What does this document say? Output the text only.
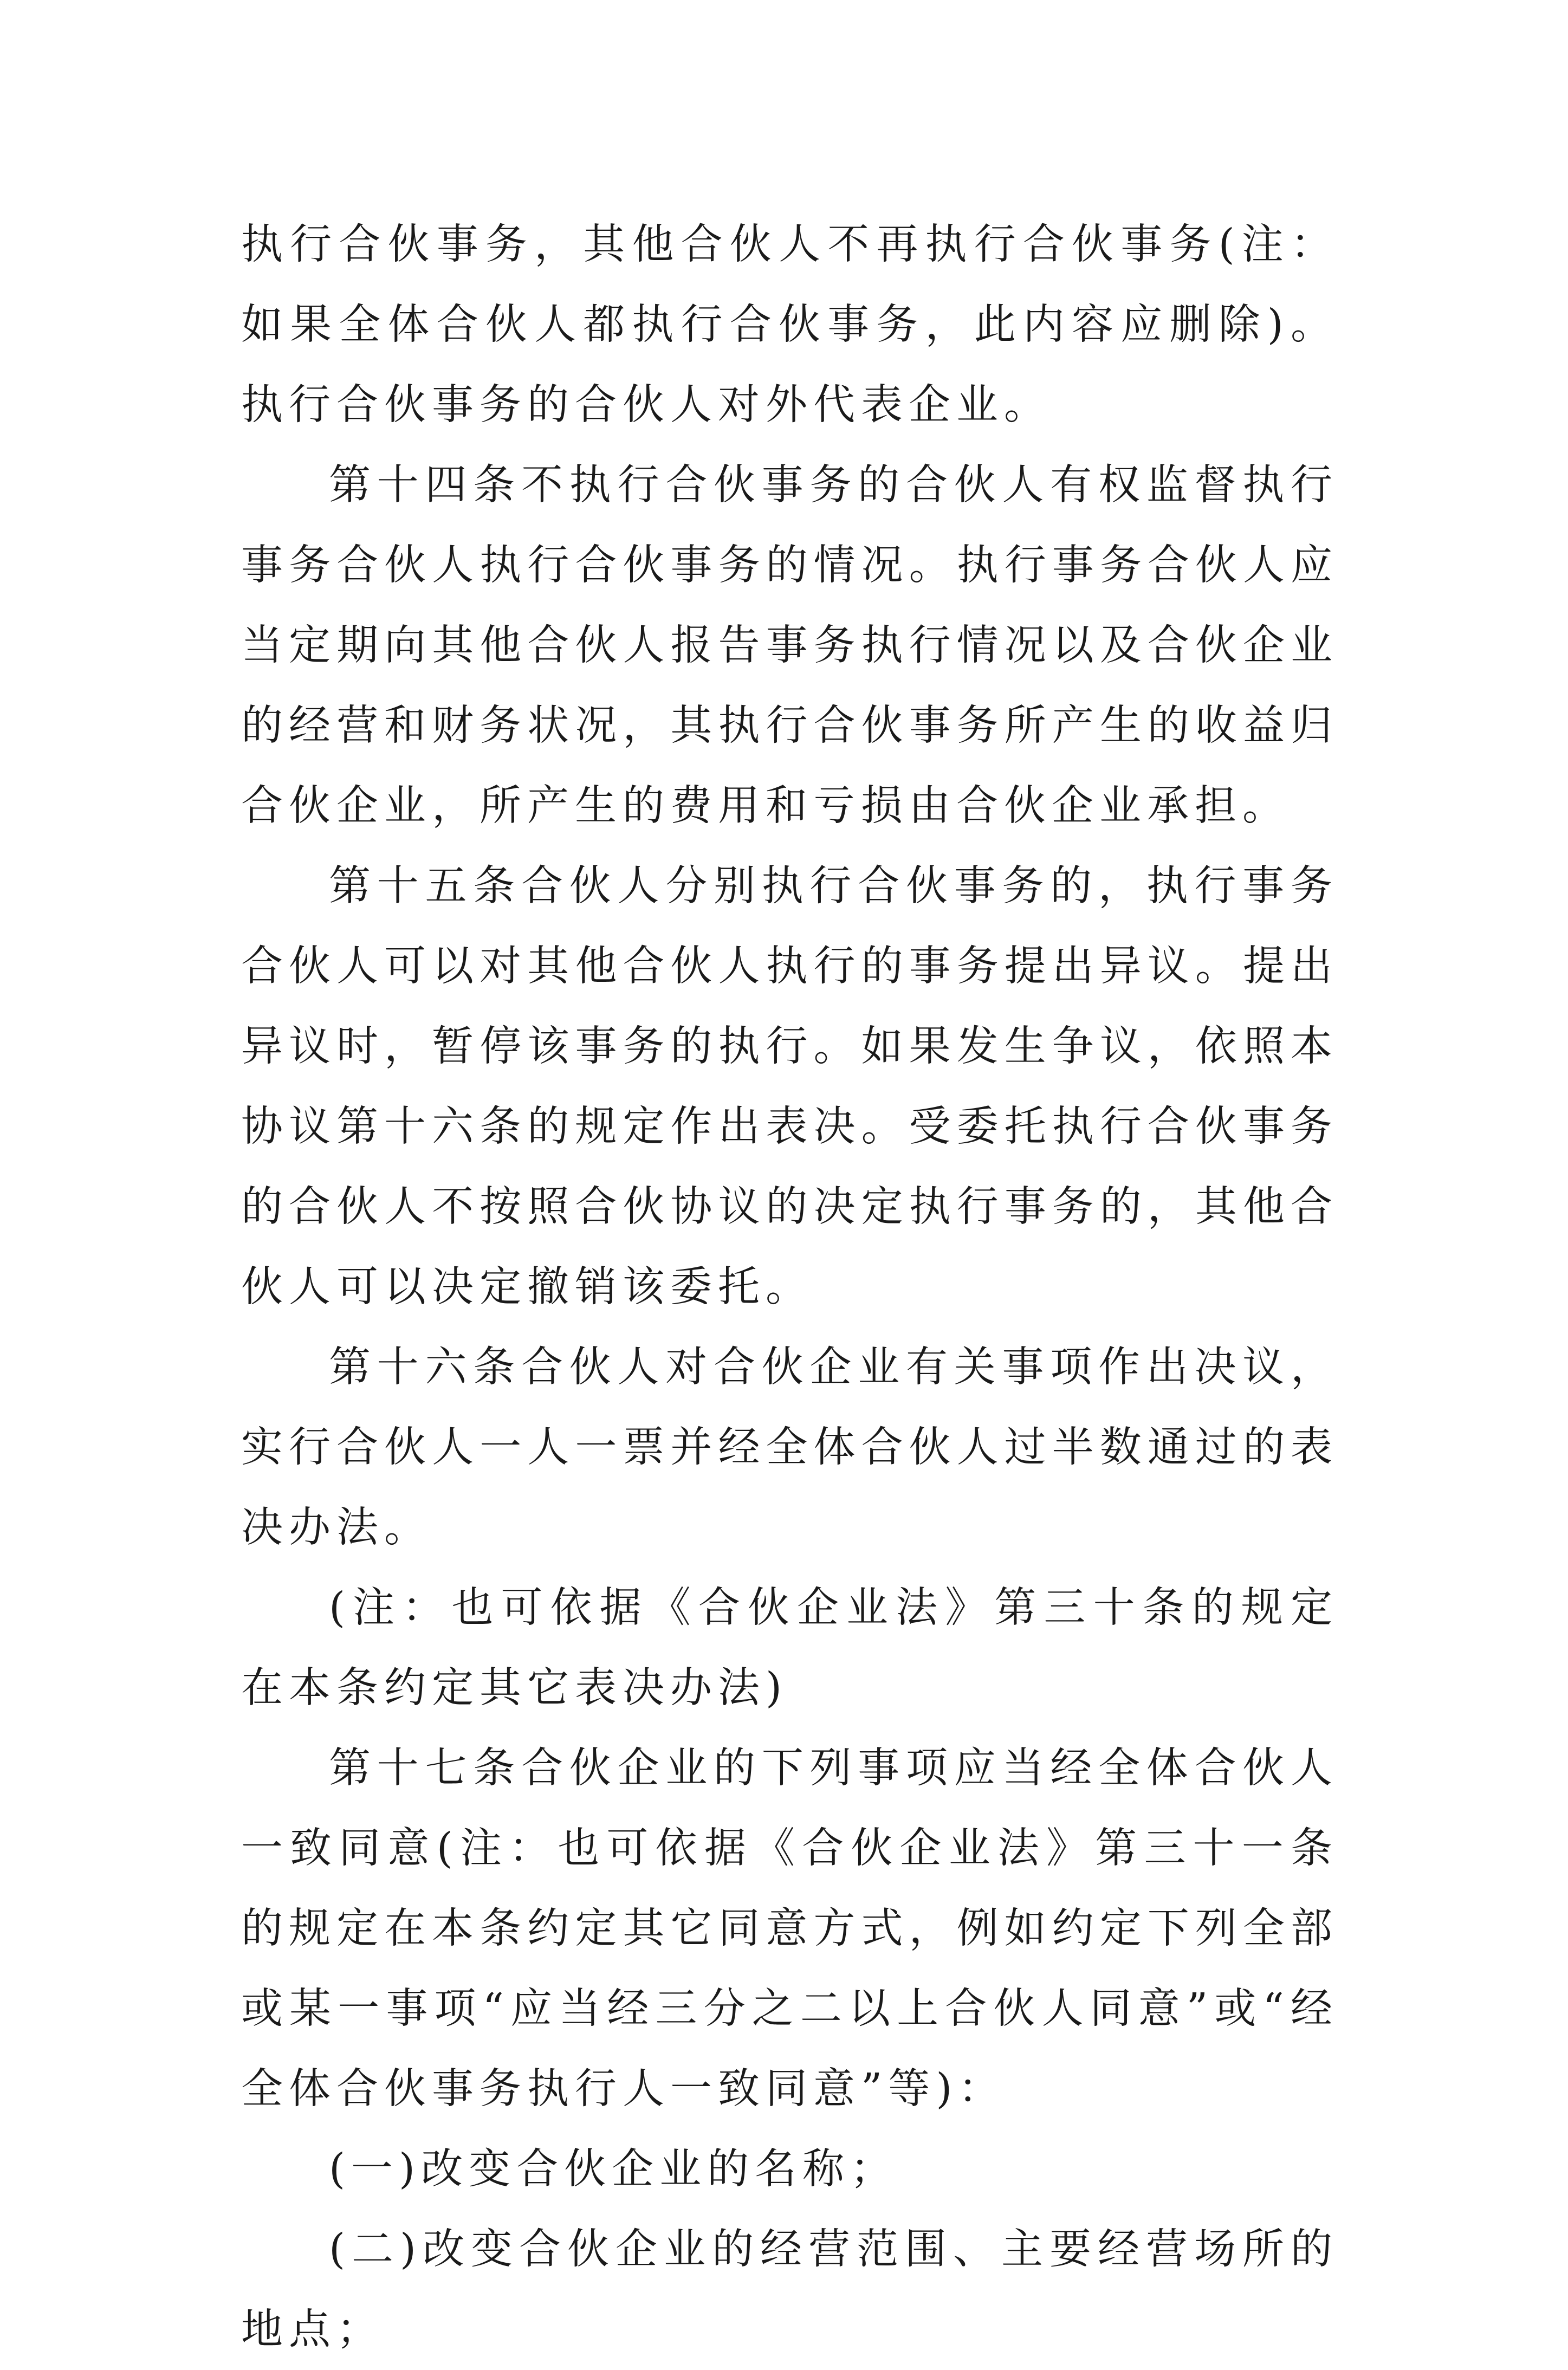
执行合伙事务，其他合伙人不再执行合伙事务(注：如果全体合伙人都执行合伙事务，此内容应删除)。执行合伙事务的合伙人对外代表企业。

第十四条不执行合伙事务的合伙人有权监督执行事务合伙人执行合伙事务的情况。执行事务合伙人应当定期向其他合伙人报告事务执行情况以及合伙企业的经营和财务状况，其执行合伙事务所产生的收益归合伙企业，所产生的费用和亏损由合伙企业承担。

第十五条合伙人分别执行合伙事务的，执行事务合伙人可以对其他合伙人执行的事务提出异议。提出异议时，暂停该事务的执行。如果发生争议，依照本协议第十六条的规定作出表决。受委托执行合伙事务的合伙人不按照合伙协议的决定执行事务的，其他合伙人可以决定撤销该委托。

第十六条合伙人对合伙企业有关事项作出决议，实行合伙人一人一票并经全体合伙人过半数通过的表决办法。

(注：也可依据《合伙企业法》第三十条的规定在本条约定其它表决办法)

第十七条合伙企业的下列事项应当经全体合伙人一致同意(注：也可依据《合伙企业法》第三十一条的规定在本条约定其它同意方式，例如约定下列全部或某一事项“应当经三分之二以上合伙人同意”或“经全体合伙事务执行人一致同意”等)：

(一)改变合伙企业的名称；

(二)改变合伙企业的经营范围、主要经营场所的地点；
